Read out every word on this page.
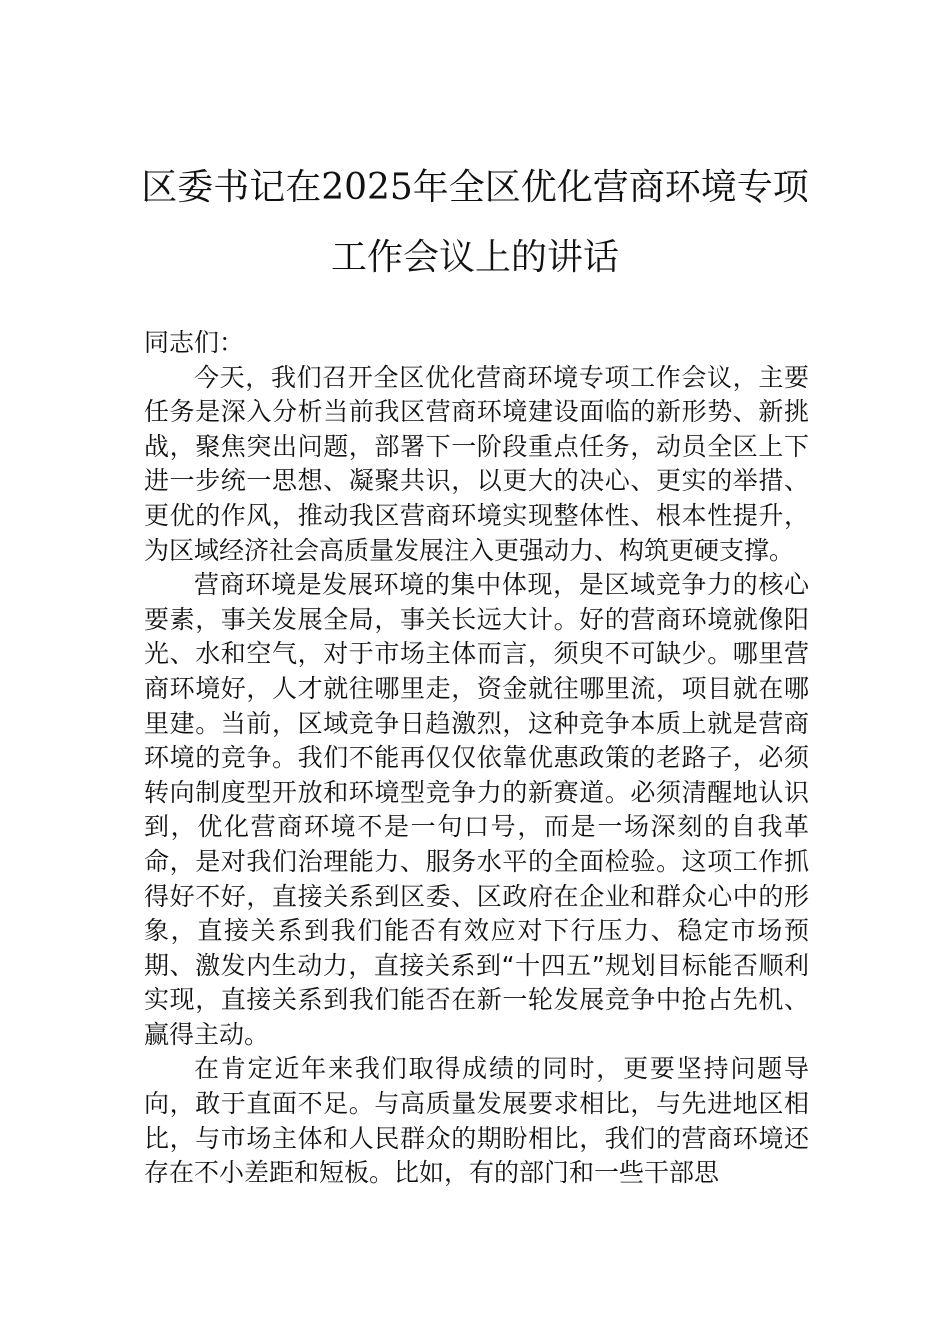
区委书记在2025年全区优化营商环境专项
工作会议上的讲话

同志们：

今天，我们召开全区优化营商环境专项工作会议，主要任务是深入分析当前我区营商环境建设面临的新形势、新挑战，聚焦突出问题，部署下一阶段重点任务，动员全区上下进一步统一思想、凝聚共识，以更大的决心、更实的举措、更优的作风，推动我区营商环境实现整体性、根本性提升，为区域经济社会高质量发展注入更强动力、构筑更硬支撑。

营商环境是发展环境的集中体现，是区域竞争力的核心要素，事关发展全局，事关长远大计。好的营商环境就像阳光、水和空气，对于市场主体而言，须臾不可缺少。哪里营商环境好，人才就往哪里走，资金就往哪里流，项目就在哪里建。当前，区域竞争日趋激烈，这种竞争本质上就是营商环境的竞争。我们不能再仅仅依靠优惠政策的老路子，必须转向制度型开放和环境型竞争力的新赛道。必须清醒地认识到，优化营商环境不是一句口号，而是一场深刻的自我革命，是对我们治理能力、服务水平的全面检验。这项工作抓得好不好，直接关系到区委、区政府在企业和群众心中的形象，直接关系到我们能否有效应对下行压力、稳定市场预期、激发内生动力，直接关系到“十四五”规划目标能否顺利实现，直接关系到我们能否在新一轮发展竞争中抢占先机、赢得主动。

在肯定近年来我们取得成绩的同时，更要坚持问题导向，敢于直面不足。与高质量发展要求相比，与先进地区相比，与市场主体和人民群众的期盼相比，我们的营商环境还存在不小差距和短板。比如，有的部门和一些干部思
